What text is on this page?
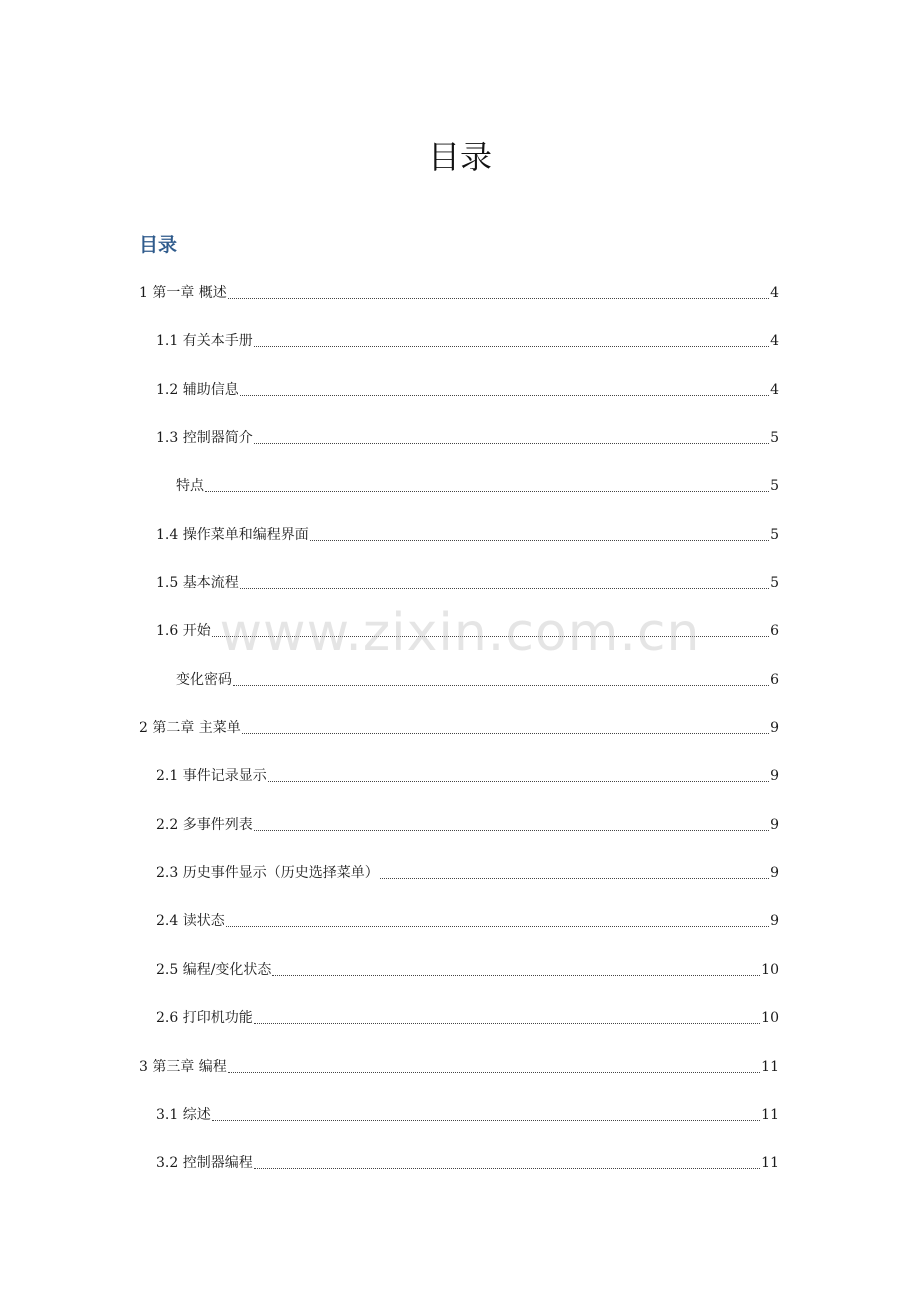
目录
目录
1 第一章 概述	4
1.1 有关本手册	4
1.2 辅助信息	4
1.3 控制器简介	5
特点	5
1.4 操作菜单和编程界面	5
1.5 基本流程	5
1.6 开始	6
变化密码	6
2 第二章 主菜单	9
2.1 事件记录显示	9
2.2 多事件列表	9
2.3 历史事件显示（历史选择菜单）	9
2.4 读状态	9
2.5 编程/变化状态	10
2.6 打印机功能	10
3 第三章 编程	11
3.1 综述	11
3.2 控制器编程	11
www.zixin.com.cn
